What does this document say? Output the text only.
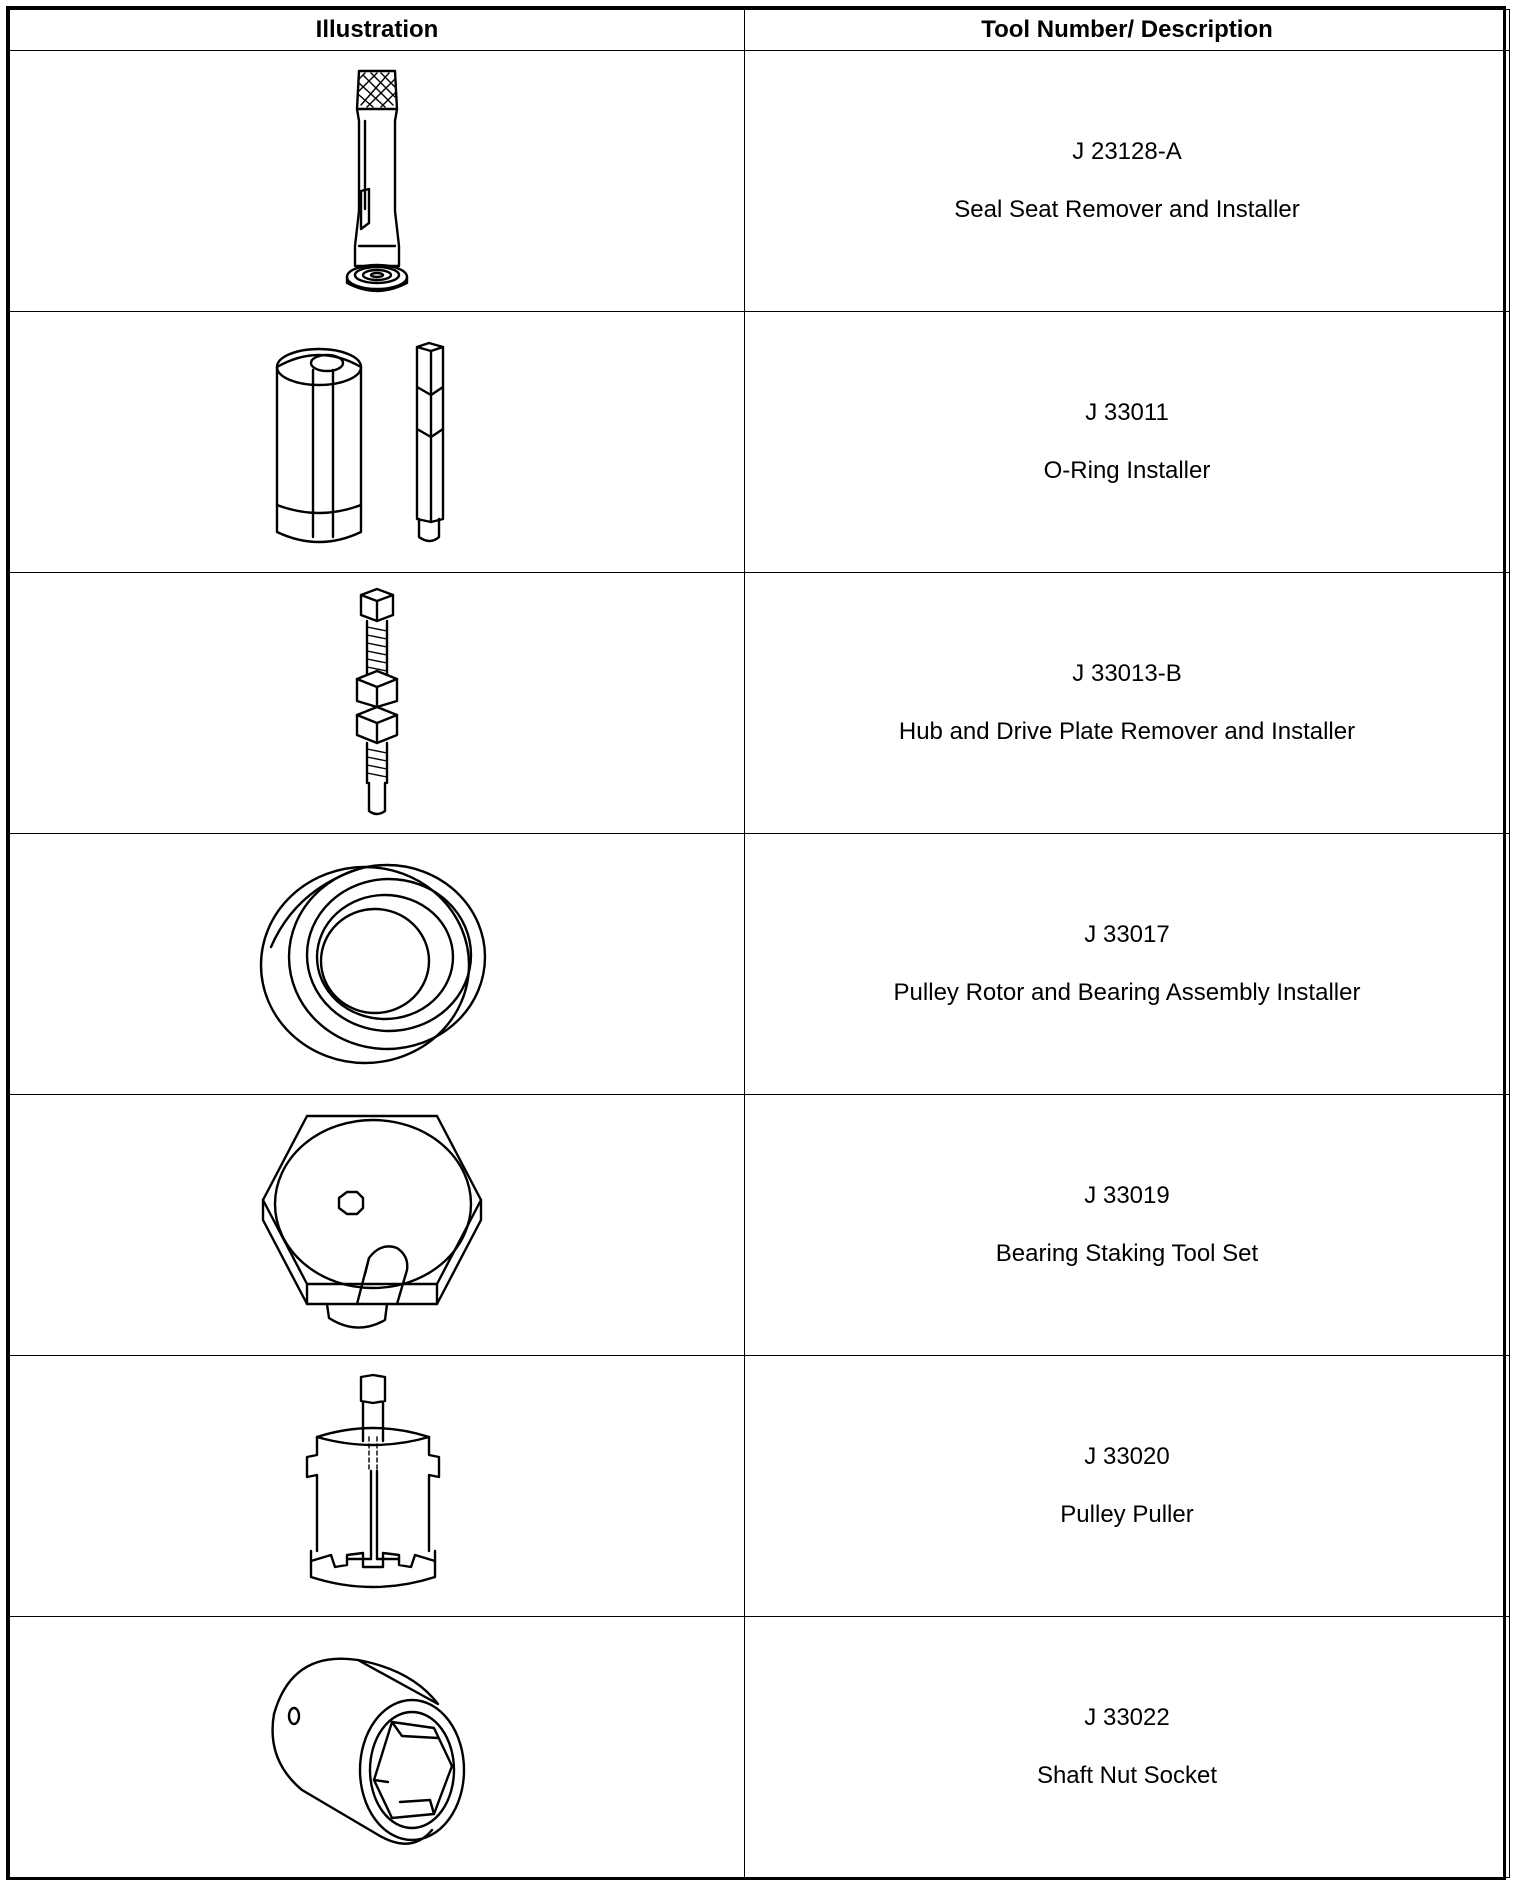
Illustration	Tool Number/ Description

J 23128-A
Seal Seat Remover and Installer

J 33011
O-Ring Installer

J 33013-B
Hub and Drive Plate Remover and Installer

J 33017
Pulley Rotor and Bearing Assembly Installer

J 33019
Bearing Staking Tool Set

J 33020
Pulley Puller

J 33022
Shaft Nut Socket
